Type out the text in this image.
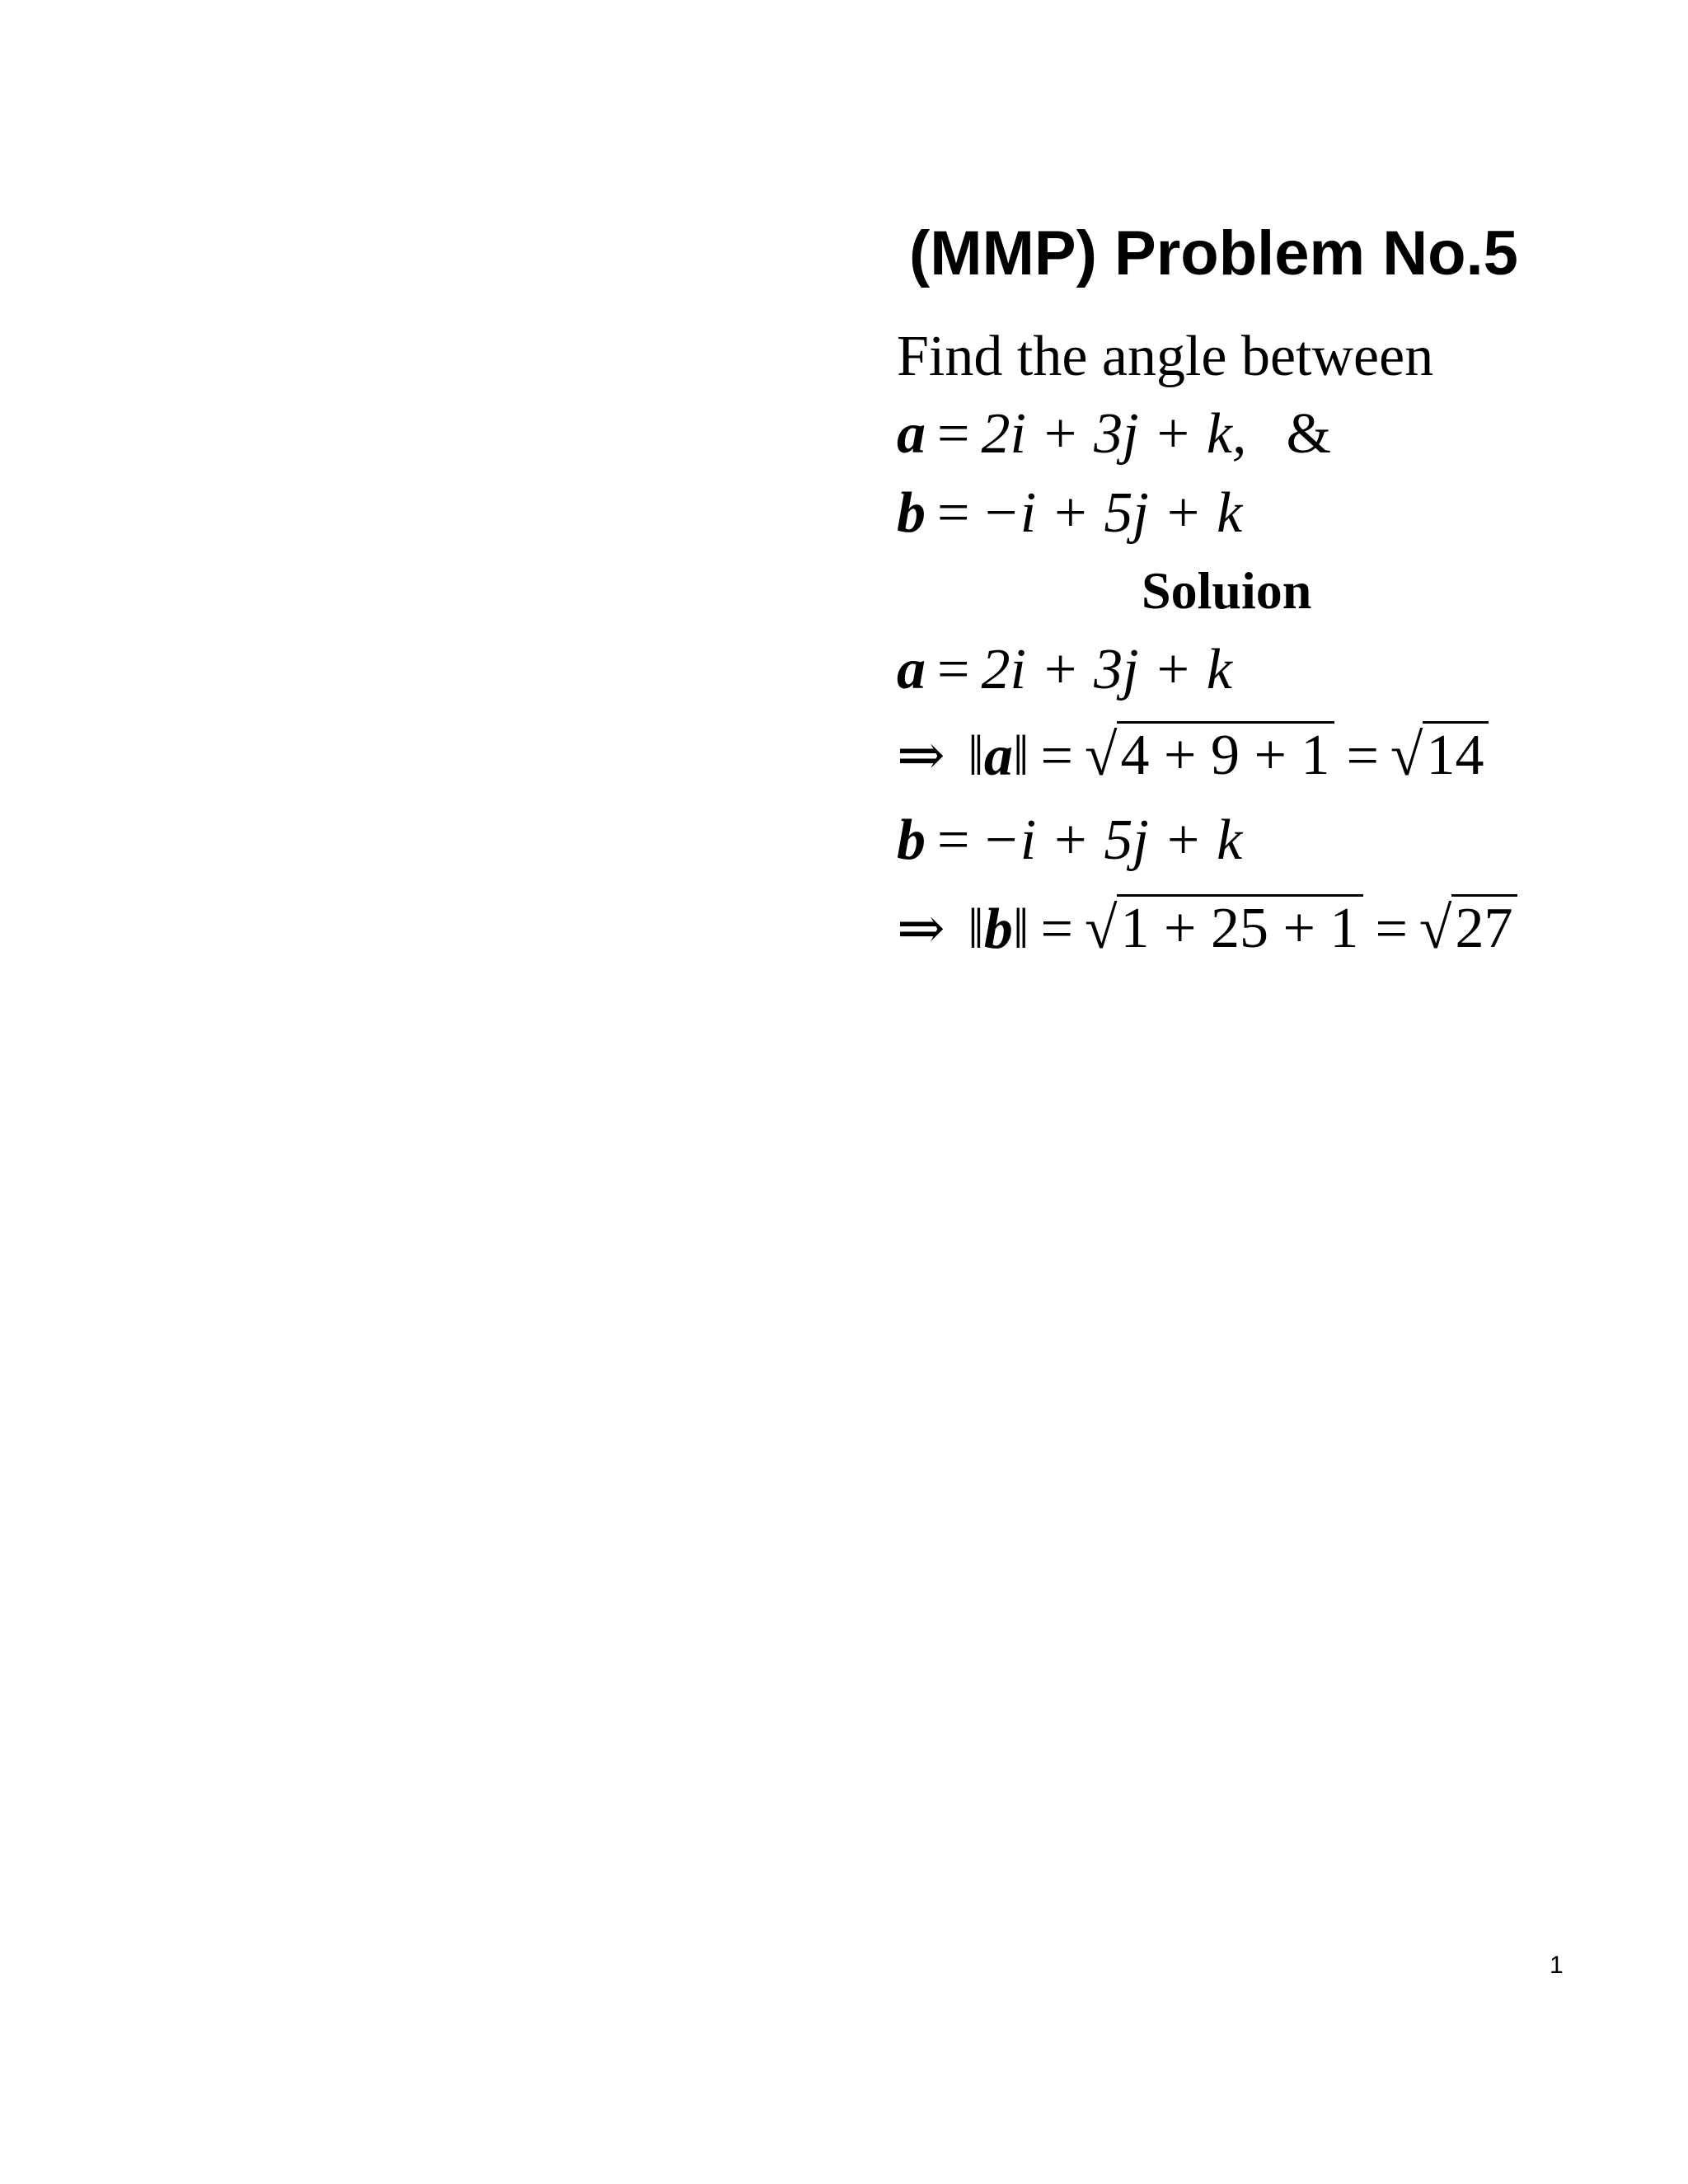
(MMP) Problem No.5
Find the angle between
a = 2i + 3j + k, &
b = −i + 5j + k
Soluion
a = 2i + 3j + k
⇒ ‖a‖ = √ 4 + 9 + 1 = √ 14
b = −i + 5j + k
⇒ ‖b‖ = √ 1 + 25 + 1 = √ 27
1
